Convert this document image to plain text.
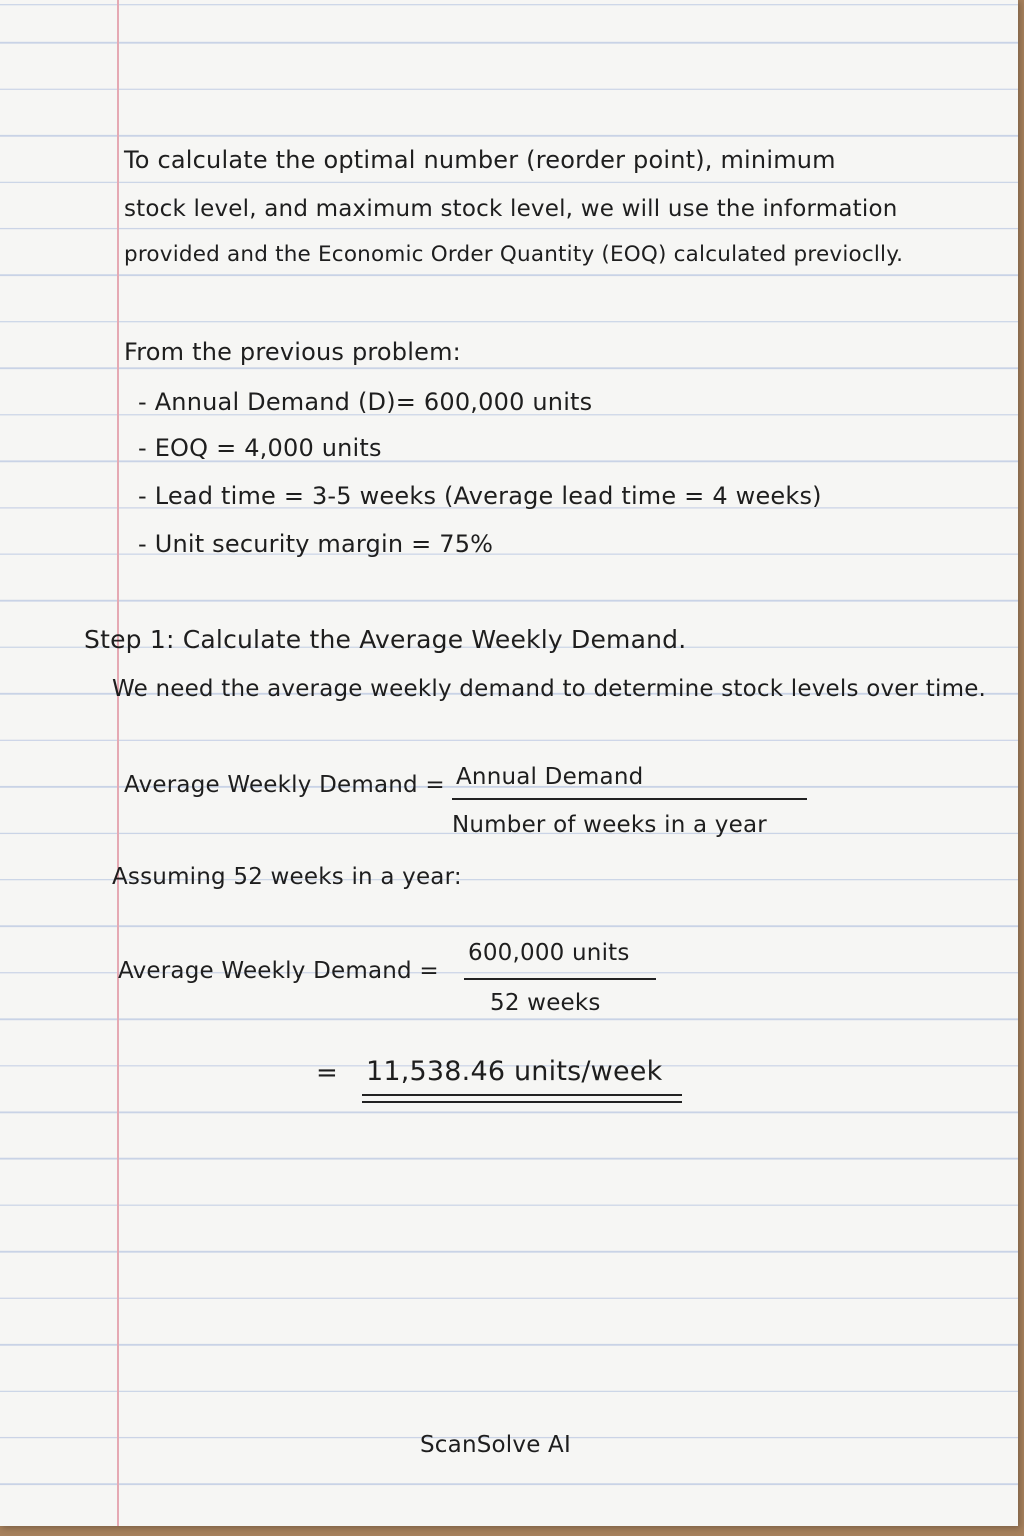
To calculate the optimal number (reorder point), minimum
stock level, and maximum stock level, we will use the information
provided and the Economic Order Quantity (EOQ) calculated previoclly.
From the previous problem:
- Annual Demand (D)= 600,000 units
- EOQ = 4,000 units
- Lead time = 3-5 weeks (Average lead time = 4 weeks)
- Unit security margin = 75%
Step 1: Calculate the Average Weekly Demand.
We need the average weekly demand to determine stock levels over time.
Average Weekly Demand = Annual Demand
Number of weeks in a year
Assuming 52 weeks in a year:
Average Weekly Demand =
600,000 units
52 weeks
= 11,538.46 units/week
ScanSolve AI
